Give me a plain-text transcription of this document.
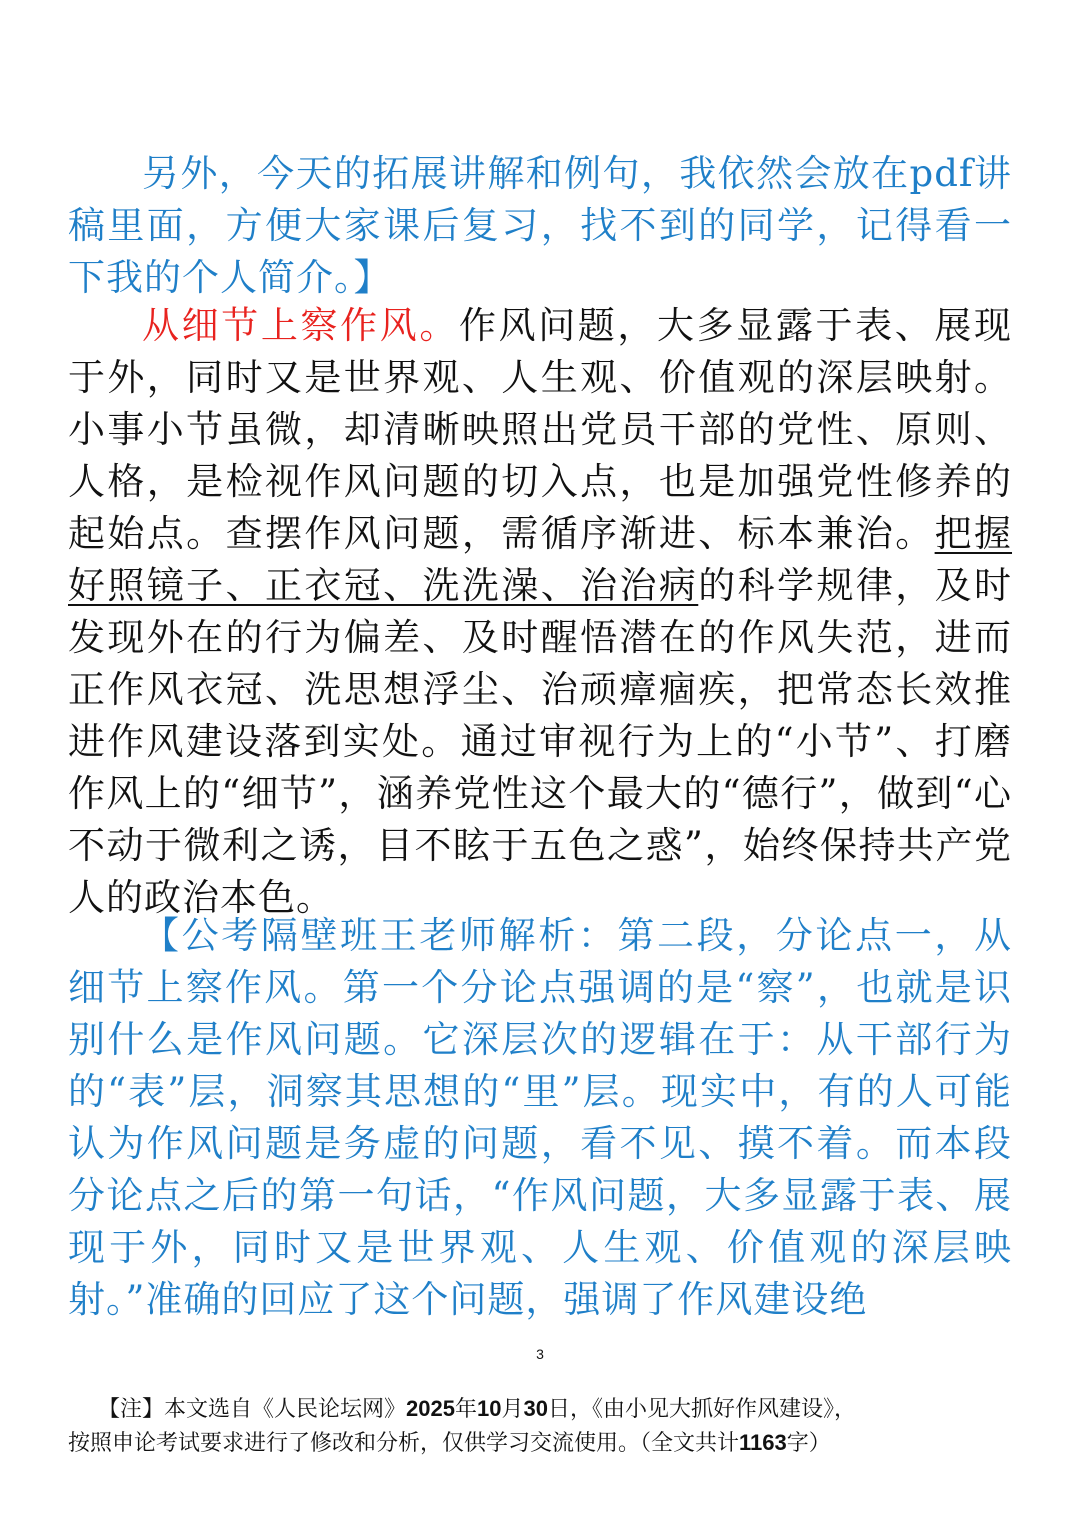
另外，今天的拓展讲解和例句，我依然会放在pdf讲稿里面，方便大家课后复习，找不到的同学，记得看一下我的个人简介。】

从细节上察作风。作风问题，大多显露于表、展现于外，同时又是世界观、人生观、价值观的深层映射。小事小节虽微，却清晰映照出党员干部的党性、原则、人格，是检视作风问题的切入点，也是加强党性修养的起始点。查摆作风问题，需循序渐进、标本兼治。把握好照镜子、正衣冠、洗洗澡、治治病的科学规律，及时发现外在的行为偏差、及时醒悟潜在的作风失范，进而正作风衣冠、洗思想浮尘、治顽瘴痼疾，把常态长效推进作风建设落到实处。通过审视行为上的“小节”、打磨作风上的“细节”，涵养党性这个最大的“德行”，做到“心不动于微利之诱，目不眩于五色之惑”，始终保持共产党人的政治本色。

【公考隔壁班王老师解析：第二段，分论点一，从细节上察作风。第一个分论点强调的是“察”，也就是识别什么是作风问题。它深层次的逻辑在于：从干部行为的“表”层，洞察其思想的“里”层。现实中，有的人可能认为作风问题是务虚的问题，看不见、摸不着。而本段分论点之后的第一句话，“作风问题，大多显露于表、展现于外，同时又是世界观、人生观、价值观的深层映射。”准确的回应了这个问题，强调了作风建设绝

3
【注】本文选自《人民论坛网》2025年10月30日，《由小见大抓好作风建设》，

按照申论考试要求进行了修改和分析，仅供学习交流使用。（全文共计1163字）
